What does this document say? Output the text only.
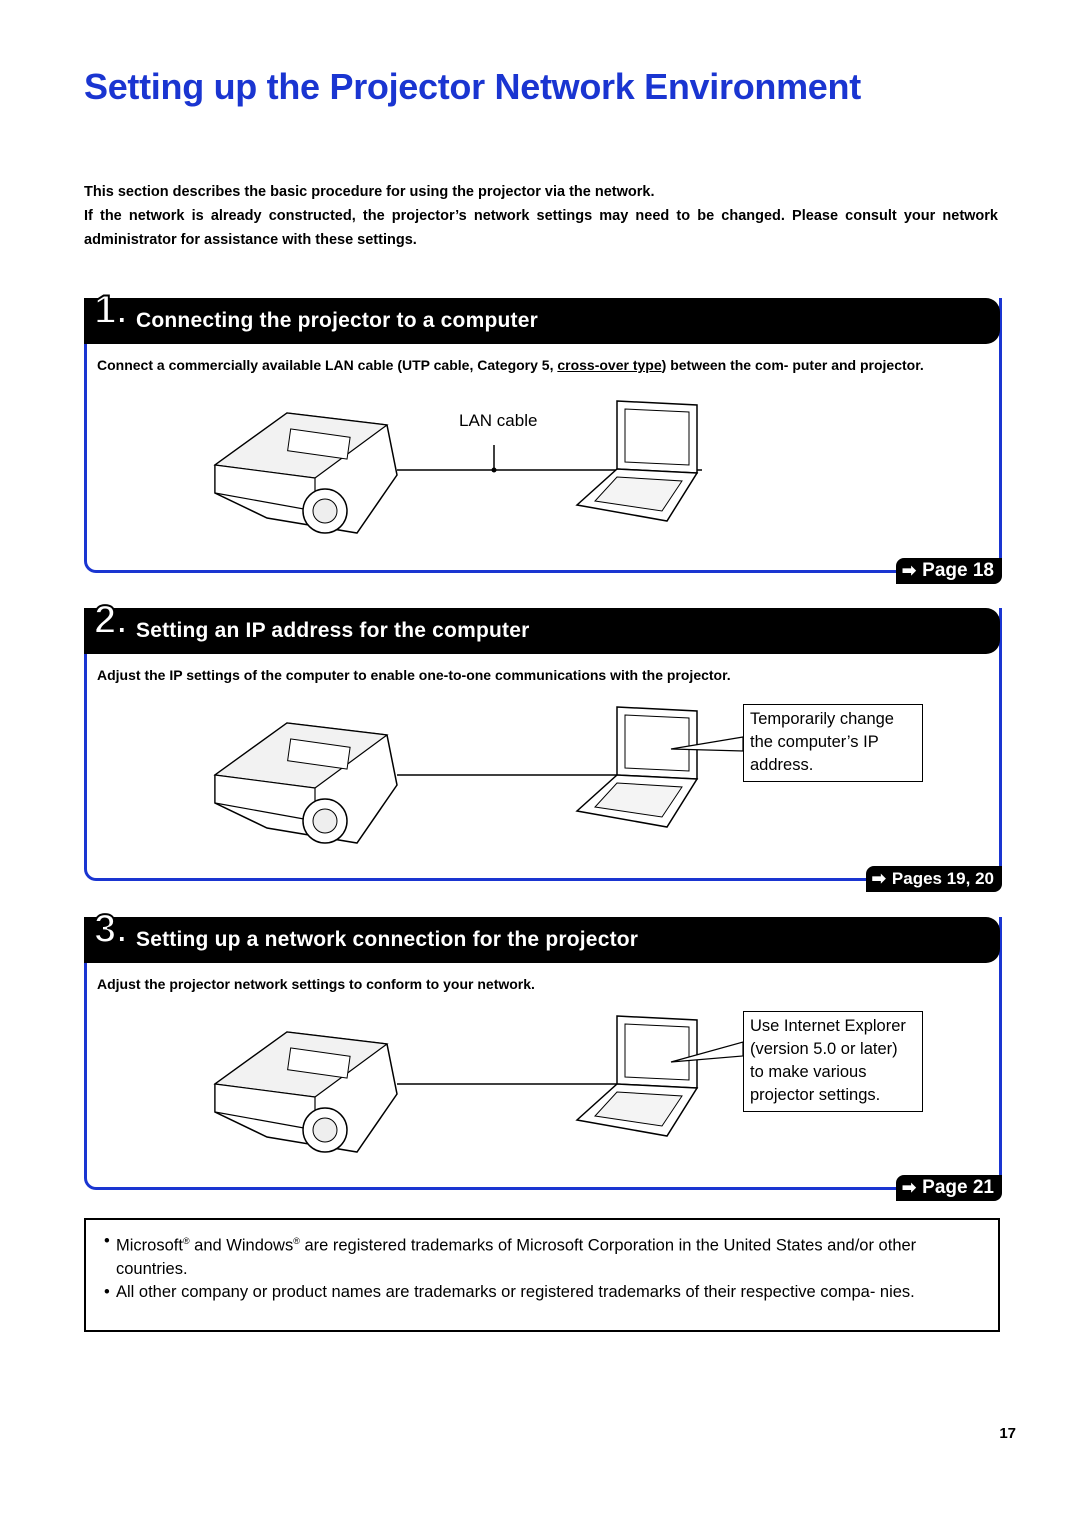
Setting up the Projector Network Environment

This section describes the basic procedure for using the projector via the network.

If the network is already constructed, the projector’s network settings may need to be changed. Please consult your network administrator for assistance with these settings.

1. Connecting the projector to a computer
Connect a commercially available LAN cable (UTP cable, Category 5, cross-over type) between the com- puter and projector.
LAN cable
➡ Page 18
2. Setting an IP address for the computer
Adjust the IP settings of the computer to enable one-to-one communications with the projector.
Temporarily change
the computer’s IP
address.
➡ Pages 19, 20
3. Setting up a network connection for the projector
Adjust the projector network settings to conform to your network.
Use Internet Explorer
(version 5.0 or later)
to make various
projector settings.
➡ Page 21
• Microsoft® and Windows® are registered trademarks of Microsoft Corporation in the United States and/or other countries.
• All other company or product names are trademarks or registered trademarks of their respective compa- nies.
17
